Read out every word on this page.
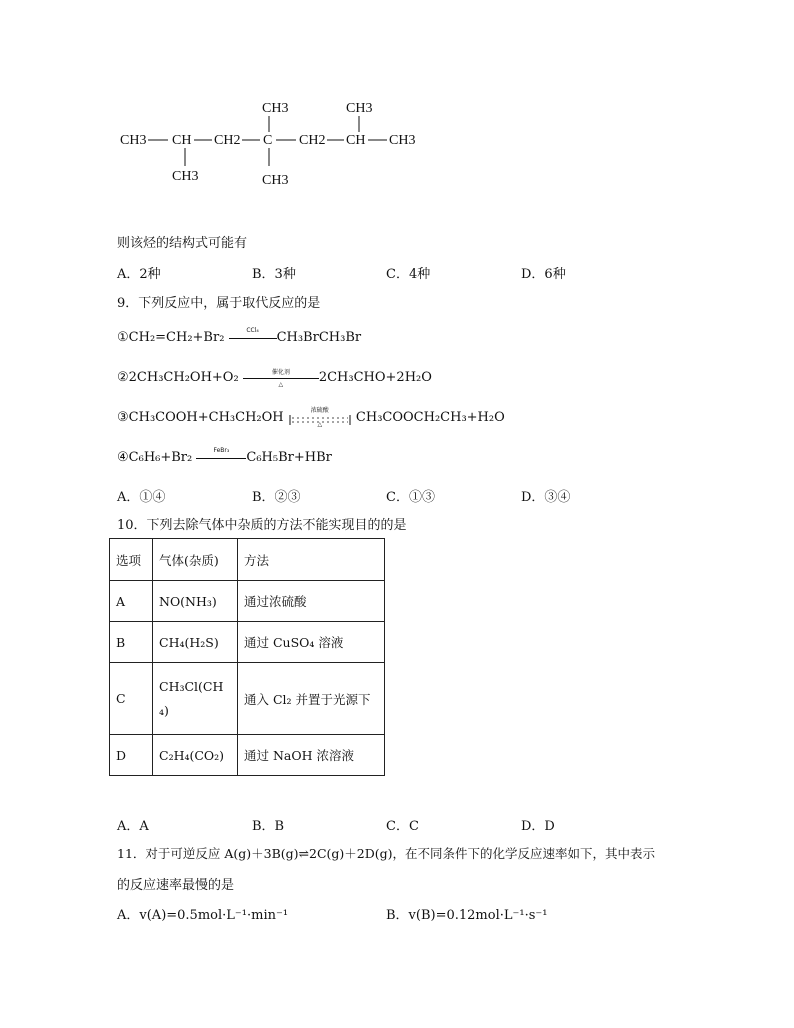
CH3 CH
CH3
CH2 C
CH3
CH3
CH2 CH
CH3
CH3
则该烃的结构式可能有
A．2种	B．3种	C．4种	D．6种
9．下列反应中，属于取代反应的是
①CH₂=CH₂+Br₂	CCl₄	CH₃BrCH₃Br
②2CH₃CH₂OH+O₂	催化剂
△	2CH₃CHO+2H₂O
③CH₃COOH+CH₃CH₂OH	浓硫酸
△	CH₃COOCH₂CH₃+H₂O
④C₆H₆+Br₂	FeBr₃	C₆H₅Br+HBr
A．①④	B．②③	C．①③	D．③④
10．下列去除气体中杂质的方法不能实现目的的是
选项	气体(杂质)	方法
A	NO(NH₃)	通过浓硫酸
B	CH₄(H₂S)	通过 CuSO₄ 溶液
C	CH₃Cl(CH₄)	通入 Cl₂ 并置于光源下
D	C₂H₄(CO₂)	通过 NaOH 浓溶液
A．A	B．B	C．C	D．D
11．对于可逆反应 A(g)＋3B(g)⇌2C(g)＋2D(g)，在不同条件下的化学反应速率如下，其中表示
的反应速率最慢的是
A．v(A)=0.5mol·L⁻¹·min⁻¹	B．v(B)=0.12mol·L⁻¹·s⁻¹
